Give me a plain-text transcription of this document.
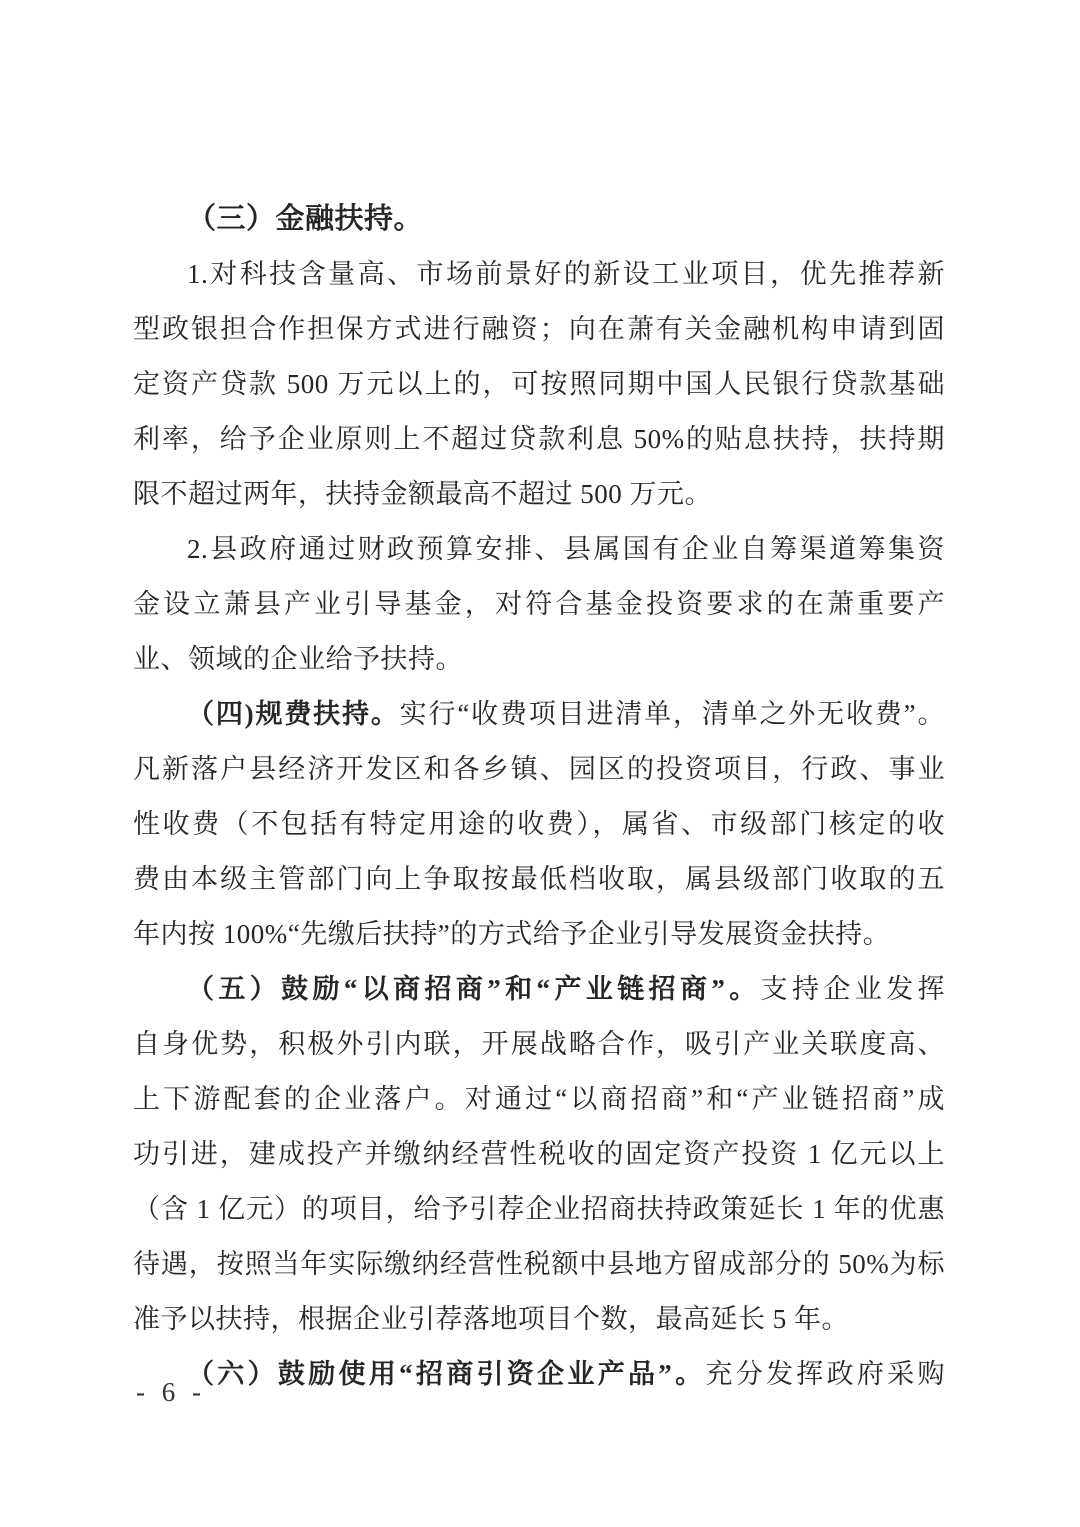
（三）金融扶持。
1.对科技含量高、市场前景好的新设工业项目，优先推荐新
型政银担合作担保方式进行融资；向在萧有关金融机构申请到固
定资产贷款 500 万元以上的，可按照同期中国人民银行贷款基础
利率，给予企业原则上不超过贷款利息 50%的贴息扶持，扶持期
限不超过两年，扶持金额最高不超过 500 万元。
2.县政府通过财政预算安排、县属国有企业自筹渠道筹集资
金设立萧县产业引导基金，对符合基金投资要求的在萧重要产
业、领域的企业给予扶持。
（四)规费扶持。实行“收费项目进清单，清单之外无收费”。
凡新落户县经济开发区和各乡镇、园区的投资项目，行政、事业
性收费（不包括有特定用途的收费），属省、市级部门核定的收
费由本级主管部门向上争取按最低档收取，属县级部门收取的五
年内按 100%“先缴后扶持”的方式给予企业引导发展资金扶持。
（五）鼓励“以商招商”和“产业链招商”。支持企业发挥
自身优势，积极外引内联，开展战略合作，吸引产业关联度高、
上下游配套的企业落户。对通过“以商招商”和“产业链招商”成
功引进，建成投产并缴纳经营性税收的固定资产投资 1 亿元以上
（含 1 亿元）的项目，给予引荐企业招商扶持政策延长 1 年的优惠
待遇，按照当年实际缴纳经营性税额中县地方留成部分的 50%为标
准予以扶持，根据企业引荐落地项目个数，最高延长 5 年。
（六）鼓励使用“招商引资企业产品”。充分发挥政府采购
- 6 -
